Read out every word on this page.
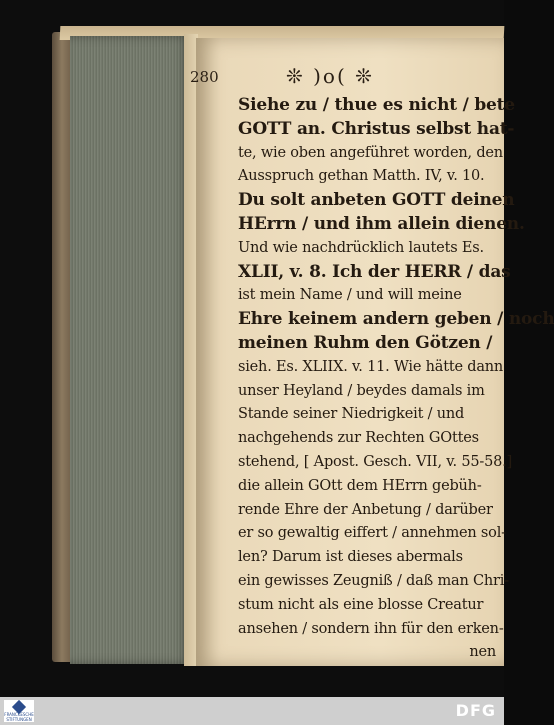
280	❊ )o( ❊
Siehe zu / thue es nicht / bete
GOTT an. Christus selbst hat-
te, wie oben angeführet worden, den
Ausspruch gethan Matth. IV, v. 10.
Du solt anbeten GOTT deinen
HErrn / und ihm allein dienen.
Und wie nachdrücklich lautets Es.
XLII, v. 8. Ich der HERR / das
ist mein Name / und will meine
Ehre keinem andern geben / noch
meinen Ruhm den Götzen /
sieh. Es. XLIIX. v. 11. Wie hätte dann
unser Heyland / beydes damals im
Stande seiner Niedrigkeit / und
nachgehends zur Rechten GOttes
stehend, [ Apost. Gesch. VII, v. 55-58.]
die allein GOtt dem HErrn gebüh-
rende Ehre der Anbetung / darüber
er so gewaltig eiffert / annehmen sol-
len? Darum ist dieses abermals
ein gewisses Zeugniß / daß man Chri-
stum nicht als eine blosse Creatur
ansehen / sondern ihn für den erken-
nen
FRANCKESCHE STIFTUNGEN	DFG
